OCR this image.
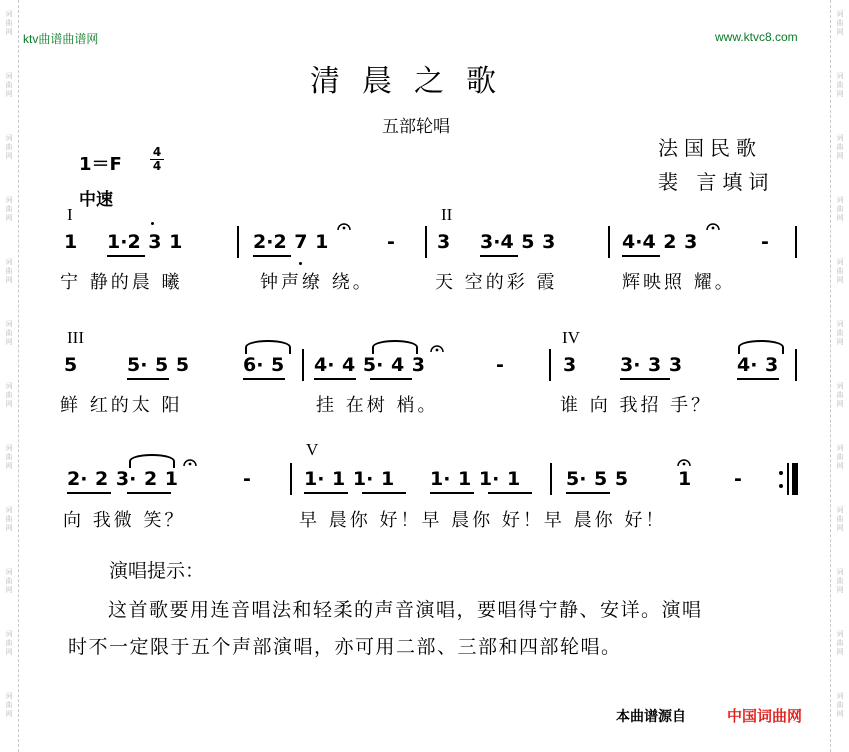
词
曲
网
词
曲
网
词
曲
网
词
曲
网
词
曲
网
词
曲
网
词
曲
网
词
曲
网
词
曲
网
词
曲
网
词
曲
网
词
曲
网
词
曲
网
词
曲
网
词
曲
网
词
曲
网
词
曲
网
词
曲
网
词
曲
网
词
曲
网
词
曲
网
词
曲
网
词
曲
网
词
曲
网
ktv曲谱曲谱网	www.ktvc8.com
清晨之歌
五部轮唱
法国民歌
裴 言填词
1＝F
4
4
中速
I	II
1 1·2 3 1	2·2 7 1	- 3 3·4 5 3	4·4 2 3	-
宁 静的晨 曦	钟声缭 绕。	天 空的彩 霞	辉映照 耀。
III	IV
5	5· 5 5	6· 5 4· 4 5· 4 3	-	3 3· 3 3	4· 3
鲜 红的太 阳	挂 在树 梢。	谁 向 我招 手？
V
2· 2 3· 2 1	-	1· 1 1· 1 1· 1 1· 1 5· 5 5	1 -
向 我微 笑？	早 晨你 好！早 晨你 好！早 晨你 好！
演唱提示：
这首歌要用连音唱法和轻柔的声音演唱，要唱得宁静、安详。演唱
时不一定限于五个声部演唱，亦可用二部、三部和四部轮唱。
本曲谱源自	中国词曲网
